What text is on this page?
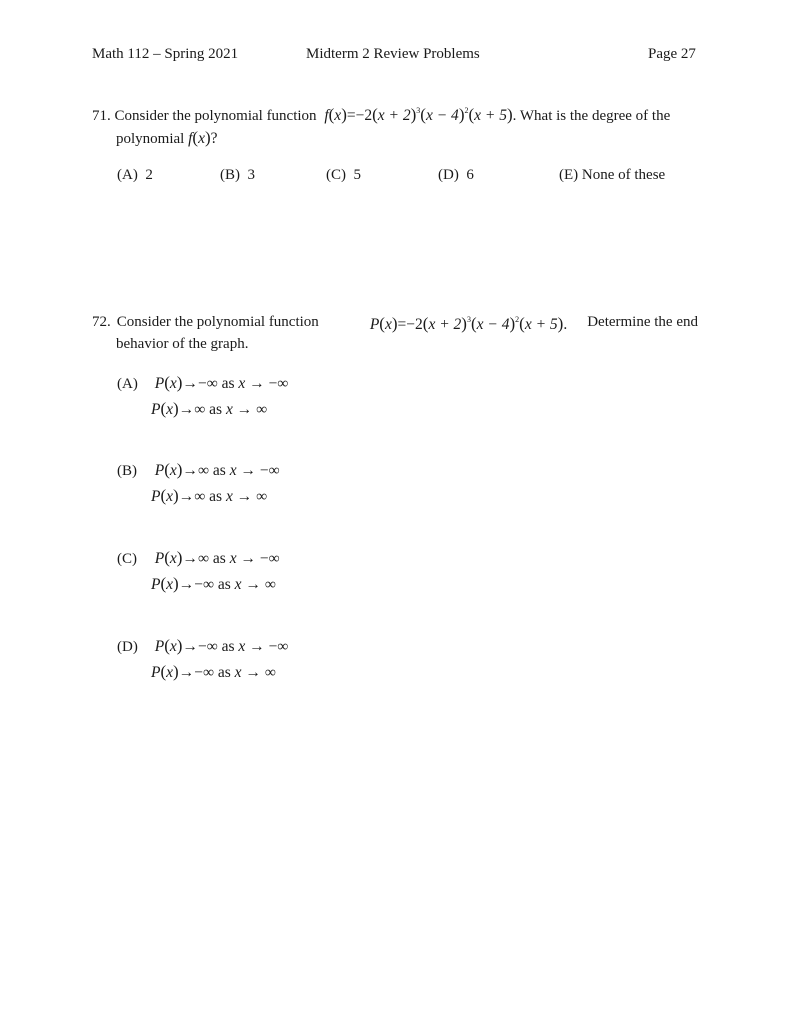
Math 112 – Spring 2021	Midterm 2 Review Problems	Page 27
71. Consider the polynomial function $f(x)=-2(x + 2)^3(x - 4)^2(x + 5)$. What is the degree of the
polynomial f(x)?
(A) 2	(B) 3	(C) 5	(D) 6	(E) None of these
72. Consider the polynomial function	$P(x)=-2(x + 2)^3(x - 4)^2(x + 5)$. Determine the end
behavior of the graph.
(A) P(x)→−∞ as x → −∞
P(x)→∞ as x → ∞
(B) P(x)→∞ as x → −∞
P(x)→∞ as x → ∞
(C) P(x)→∞ as x → −∞
P(x)→−∞ as x → ∞
(D) P(x)→−∞ as x → −∞
P(x)→−∞ as x → ∞
